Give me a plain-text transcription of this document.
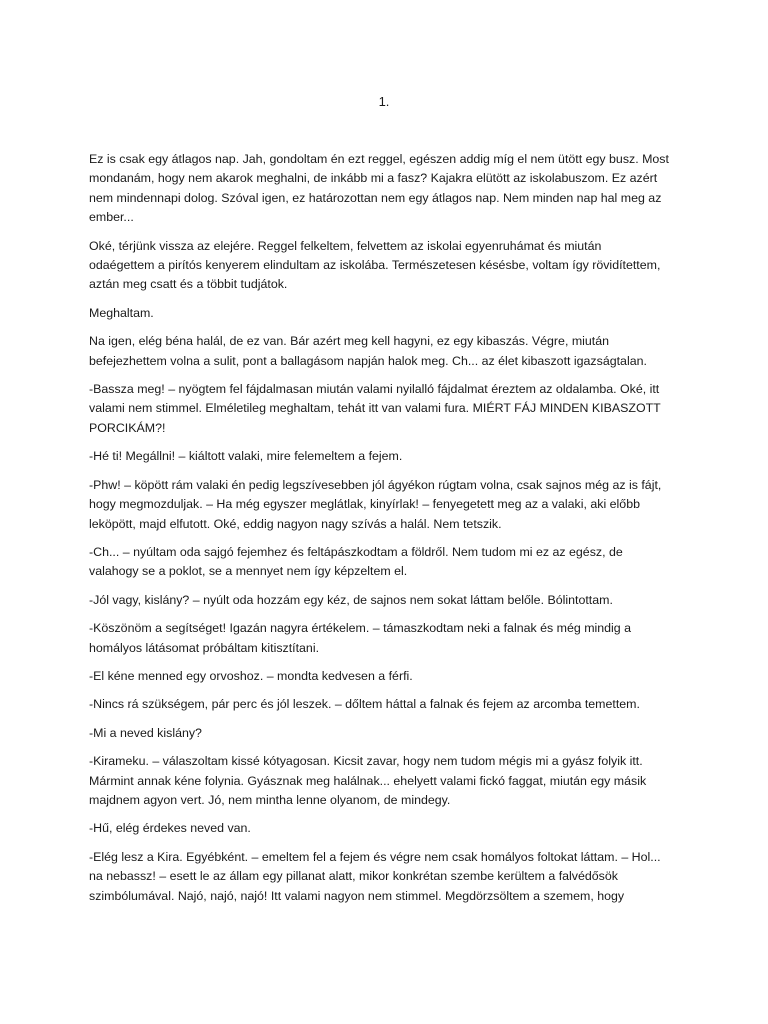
1.

Ez is csak egy átlagos nap. Jah, gondoltam én ezt reggel, egészen addig míg el nem ütött egy busz. Most
mondanám, hogy nem akarok meghalni, de inkább mi a fasz? Kajakra elütött az iskolabuszom. Ez azért
nem mindennapi dolog. Szóval igen, ez határozottan nem egy átlagos nap. Nem minden nap hal meg az
ember...

Oké, térjünk vissza az elejére. Reggel felkeltem, felvettem az iskolai egyenruhámat és miután
odaégettem a pirítós kenyerem elindultam az iskolába. Természetesen késésbe, voltam így rövidítettem,
aztán meg csatt és a többit tudjátok.

Meghaltam.

Na igen, elég béna halál, de ez van. Bár azért meg kell hagyni, ez egy kibaszás. Végre, miután
befejezhettem volna a sulit, pont a ballagásom napján halok meg. Ch... az élet kibaszott igazságtalan.

-Bassza meg! – nyögtem fel fájdalmasan miután valami nyilalló fájdalmat éreztem az oldalamba. Oké, itt
valami nem stimmel. Elméletileg meghaltam, tehát itt van valami fura. MIÉRT FÁJ MINDEN KIBASZOTT
PORCIKÁM?!

-Hé ti! Megállni! – kiáltott valaki, mire felemeltem a fejem.

-Phw! – köpött rám valaki én pedig legszívesebben jól ágyékon rúgtam volna, csak sajnos még az is fájt,
hogy megmozduljak. – Ha még egyszer meglátlak, kinyírlak! – fenyegetett meg az a valaki, aki előbb
leköpött, majd elfutott. Oké, eddig nagyon nagy szívás a halál. Nem tetszik.

-Ch... – nyúltam oda sajgó fejemhez és feltápászkodtam a földről. Nem tudom mi ez az egész, de
valahogy se a poklot, se a mennyet nem így képzeltem el.

-Jól vagy, kislány? – nyúlt oda hozzám egy kéz, de sajnos nem sokat láttam belőle. Bólintottam.

-Köszönöm a segítséget! Igazán nagyra értékelem. – támaszkodtam neki a falnak és még mindig a
homályos látásomat próbáltam kitisztítani.

-El kéne menned egy orvoshoz. – mondta kedvesen a férfi.

-Nincs rá szükségem, pár perc és jól leszek. – dőltem háttal a falnak és fejem az arcomba temettem.

-Mi a neved kislány?

-Kirameku. – válaszoltam kissé kótyagosan. Kicsit zavar, hogy nem tudom mégis mi a gyász folyik itt.
Mármint annak kéne folynia. Gyásznak meg halálnak... ehelyett valami fickó faggat, miután egy másik
majdnem agyon vert. Jó, nem mintha lenne olyanom, de mindegy.

-Hű, elég érdekes neved van.

-Elég lesz a Kira. Egyébként. – emeltem fel a fejem és végre nem csak homályos foltokat láttam. – Hol...
na nebassz! – esett le az állam egy pillanat alatt, mikor konkrétan szembe kerültem a falvédősök
szimbólumával. Najó, najó, najó! Itt valami nagyon nem stimmel. Megdörzsöltem a szemem, hogy
